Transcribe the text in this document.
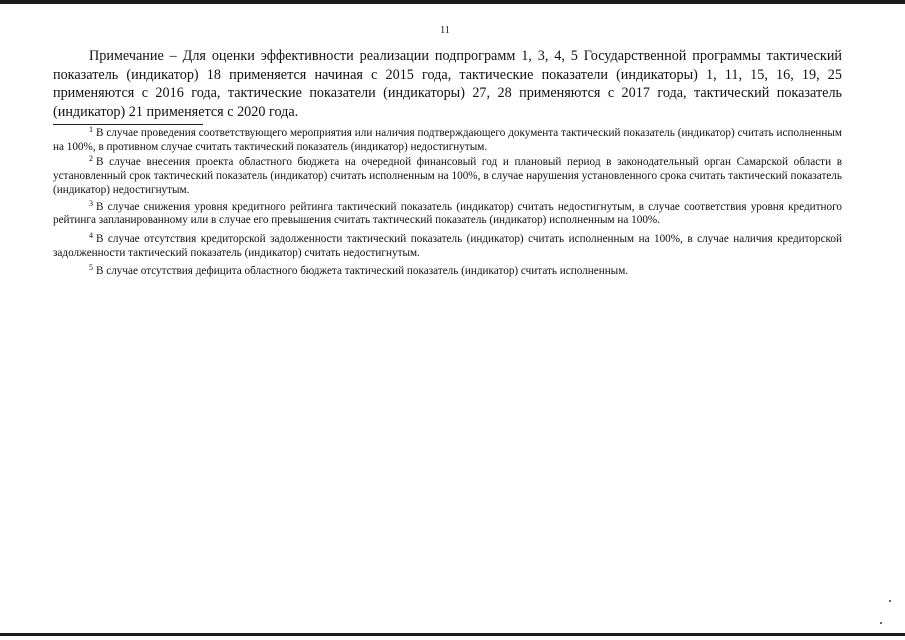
11

Примечание – Для оценки эффективности реализации подпрограмм 1, 3, 4, 5 Государственной программы тактический показатель (индикатор) 18 применяется начиная с 2015 года, тактические показатели (индикаторы) 1, 11, 15, 16, 19, 25 применяются с 2016 года, тактические показатели (индикаторы) 27, 28 применяются с 2017 года, тактический показатель (индикатор) 21 применяется с 2020 года.

$^1$ В случае проведения соответствующего мероприятия или наличия подтверждающего документа тактический показатель (индикатор) считать исполненным на 100%, в противном случае считать тактический показатель (индикатор) недостигнутым.

$^2$ В случае внесения проекта областного бюджета на очередной финансовый год и плановый период в законодательный орган Самарской области в установленный срок тактический показатель (индикатор) считать исполненным на 100%, в случае нарушения установленного срока считать тактический показатель (индикатор) недостигнутым.

$^3$ В случае снижения уровня кредитного рейтинга тактический показатель (индикатор) считать недостигнутым, в случае соответствия уровня кредитного рейтинга запланированному или в случае его превышения считать тактический показатель (индикатор) исполненным на 100%.

$^4$ В случае отсутствия кредиторской задолженности тактический показатель (индикатор) считать исполненным на 100%, в случае наличия кредиторской задолженности тактический показатель (индикатор) считать недостигнутым.

$^5$ В случае отсутствия дефицита областного бюджета тактический показатель (индикатор) считать исполненным.
